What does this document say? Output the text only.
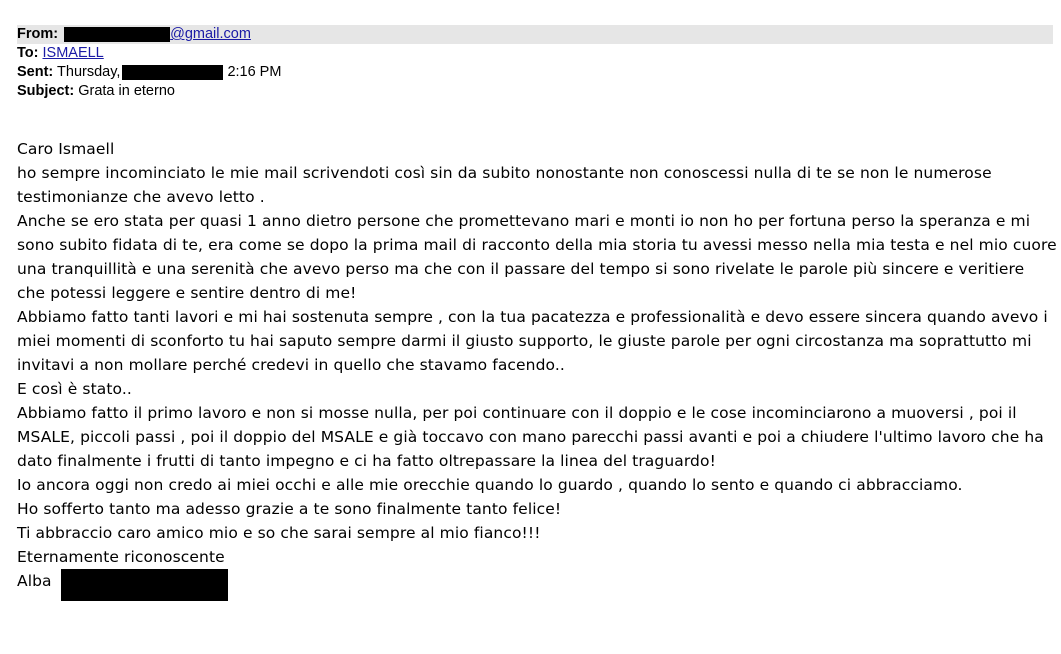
From:	@gmail.com
To: ISMAELL
Sent: Thursday,	2:16 PM
Subject: Grata in eterno

Caro Ismaell

ho sempre incominciato le mie mail scrivendoti così sin da subito nonostante non conoscessi nulla di te se non le numerose testimonianze che avevo letto .

Anche se ero stata per quasi 1 anno dietro persone che promettevano mari e monti io non ho per fortuna perso la speranza e mi sono subito fidata di te, era come se dopo la prima mail di racconto della mia storia tu avessi messo nella mia testa e nel mio cuore una tranquillità e una serenità che avevo perso ma che con il passare del tempo si sono rivelate le parole più sincere e veritiere che potessi leggere e sentire dentro di me!

Abbiamo fatto tanti lavori e mi hai sostenuta sempre , con la tua pacatezza e professionalità e devo essere sincera quando avevo i miei momenti di sconforto tu hai saputo sempre darmi il giusto supporto, le giuste parole per ogni circostanza ma soprattutto mi invitavi a non mollare perché credevi in quello che stavamo facendo..

E così è stato..

Abbiamo fatto il primo lavoro e non si mosse nulla, per poi continuare con il doppio e le cose incominciarono a muoversi , poi il MSALE, piccoli passi , poi il doppio del MSALE e già toccavo con mano parecchi passi avanti e poi a chiudere l'ultimo lavoro che ha dato finalmente i frutti di tanto impegno e ci ha fatto oltrepassare la linea del traguardo!

Io ancora oggi non credo ai miei occhi e alle mie orecchie quando lo guardo , quando lo sento e quando ci abbracciamo.

Ho sofferto tanto ma adesso grazie a te sono finalmente tanto felice!

Ti abbraccio caro amico mio e so che sarai sempre al mio fianco!!!

Eternamente riconoscente

Alba
